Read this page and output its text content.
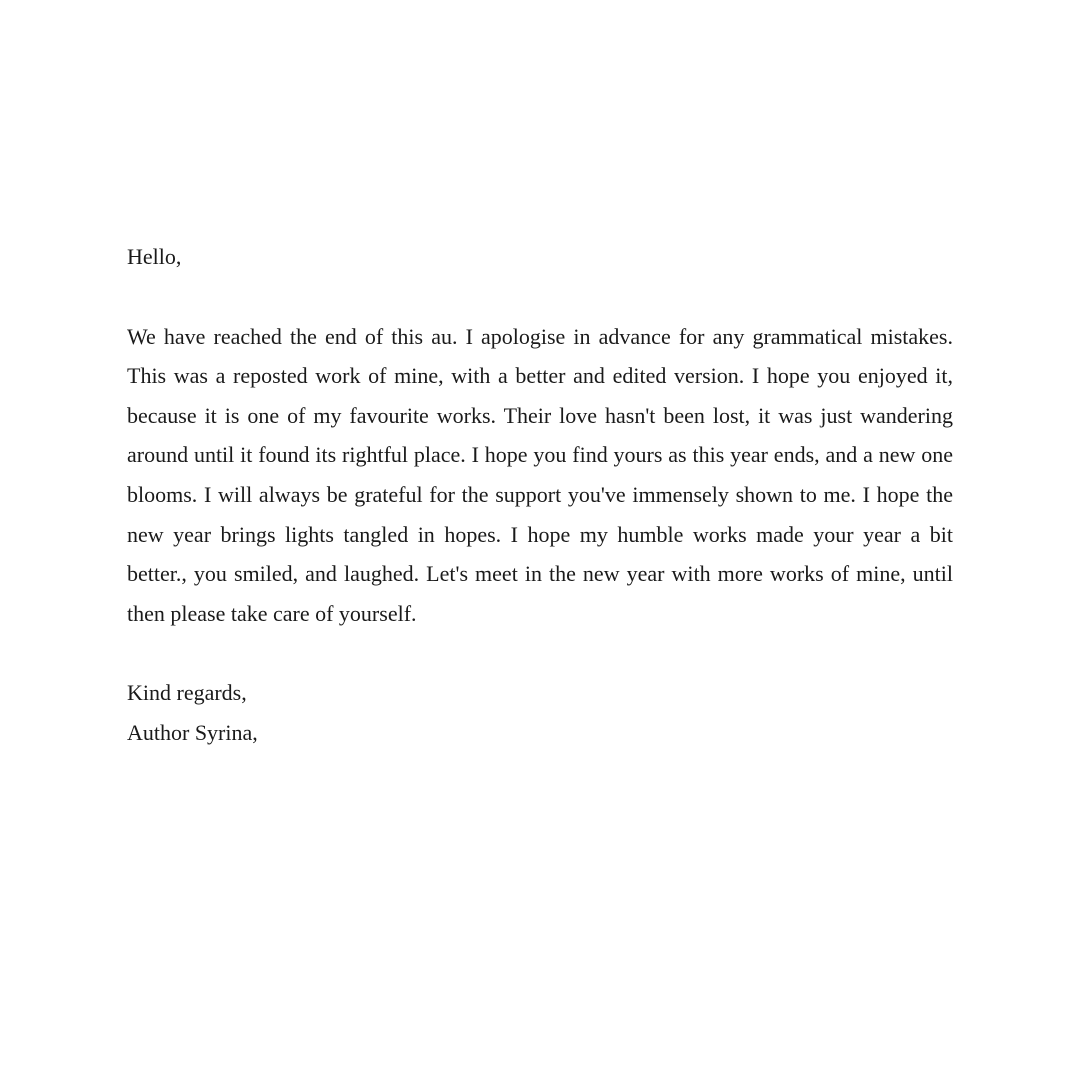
Hello,

We have reached the end of this au. I apologise in advance for any grammatical mistakes. This was a reposted work of mine, with a better and edited version. I hope you enjoyed it, because it is one of my favourite works. Their love hasn't been lost, it was just wandering around until it found its rightful place. I hope you find yours as this year ends, and a new one blooms. I will always be grateful for the support you've immensely shown to me. I hope the new year brings lights tangled in hopes. I hope my humble works made your year a bit better., you smiled, and laughed. Let's meet in the new year with more works of mine, until then please take care of yourself.

Kind regards,

Author Syrina,
